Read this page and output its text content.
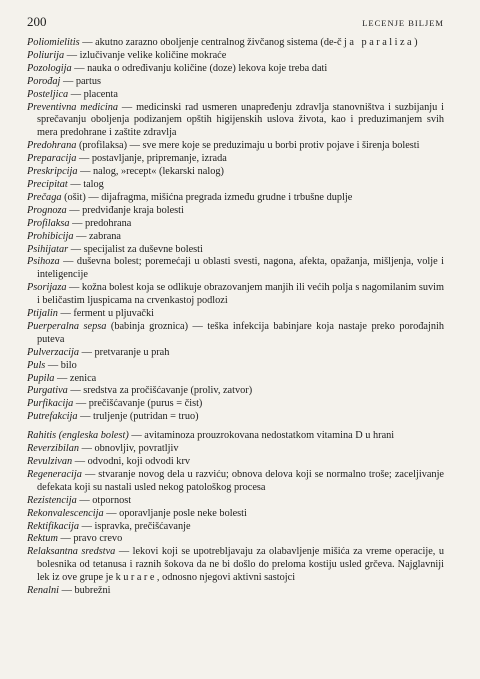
200	LECENJE BILJEM
Poliomielitis — akutno zarazno oboljenje centralnog živčanog sistema (de-čja paraliza)
Poliurija — izlučivanje velike količine mokraće
Pozologija — nauka o određivanju količine (doze) lekova koje treba dati
Porođaj — partus
Posteljica — placenta
Preventivna medicina — medicinski rad usmeren unapređenju zdravlja stanovništva i suzbijanju i sprečavanju oboljenja podizanjem opštih higijenskih uslova života, kao i preduzimanjem svih mera predohrane i zaštite zdravlja
Predohrana (profilaksa) — sve mere koje se preduzimaju u borbi protiv pojave i širenja bolesti
Preparacija — postavljanje, pripremanje, izrada
Preskripcija — nalog, »recept« (lekarski nalog)
Precipitat — talog
Prečaga (ošit) — dijafragma, mišićna pregrada između grudne i trbušne duplje
Prognoza — predviđanje kraja bolesti
Profilaksa — predohrana
Prohibicija — zabrana
Psihijatar — specijalist za duševne bolesti
Psihoza — duševna bolest; poremećaji u oblasti svesti, nagona, afekta, opažanja, mišljenja, volje i inteligencije
Psorijaza — kožna bolest koja se odlikuje obrazovanjem manjih ili većih polja s nagomilanim suvim i beličastim ljuspicama na crvenkastoj podlozi
Ptijalin — ferment u pljuvački
Puerperalna sepsa (babinja groznica) — teška infekcija babinjare koja nastaje preko porođajnih puteva
Pulverzacija — pretvaranje u prah
Puls — bilo
Pupila — zenica
Purgativa — sredstva za pročišćavanje (proliv, zatvor)
Purfikacija — prečišćavanje (purus = čist)
Putrefakcija — truljenje (putridan = truo)
Rahitis (engleska bolest) — avitaminoza prouzrokovana nedostatkom vitamina D u hrani
Reverzibilan — obnovljiv, povratljiv
Revulzivan — odvodni, koji odvodi krv
Regeneracija — stvaranje novog dela u razviću; obnova delova koji se normalno troše; zaceljivanje defekata koji su nastali usled nekog patološkog procesa
Rezistencija — otpornost
Rekonvalescencija — oporavljanje posle neke bolesti
Rektifikacija — ispravka, prečišćavanje
Rektum — pravo crevo
Relaksantna sredstva — lekovi koji se upotrebljavaju za olabavljenje mišića za vreme operacije, u bolesnika od tetanusa i raznih šokova da ne bi došlo do preloma kostiju usled grčeva. Najglavniji lek iz ove grupe je kurare, odnosno njegovi aktivni sastojci
Renalni — bubrežni
